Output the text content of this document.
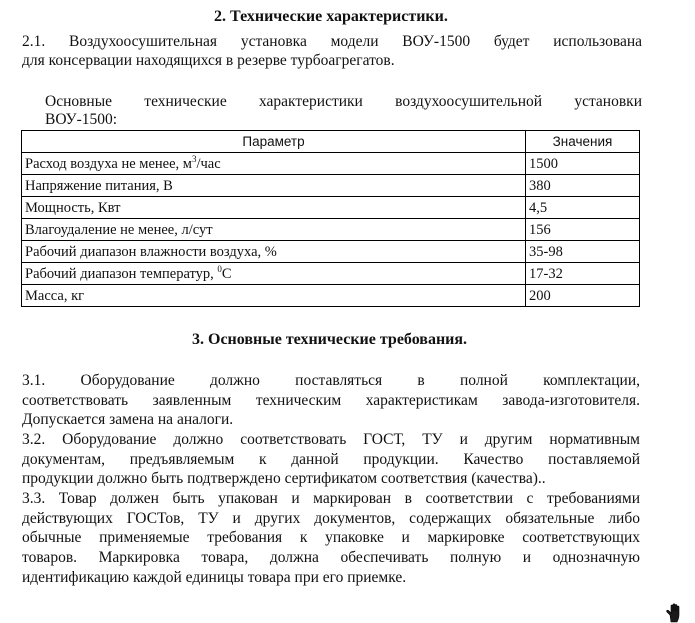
2. Технические характеристики.
2.1. Воздухоосушительная установка модели ВОУ-1500 будет использована
для консервации находящихся в резерве турбоагрегатов.
Основные технические характеристики воздухоосушительной установки
ВОУ-1500:
Параметр	Значения
Расход воздуха не менее, $м^3$/час	1500
Напряжение питания, В	380
Мощность, Квт	4,5
Влагоудаление не менее, л/сут	156
Рабочий диапазон влажности воздуха, %	35-98
Рабочий диапазон температур, $^0$С	17-32
Масса, кг	200
3. Основные технические требования.
3.1. Оборудование должно поставляться в полной комплектации,
соответствовать заявленным техническим характеристикам завода-изготовителя.
Допускается замена на аналоги.
3.2. Оборудование должно соответствовать ГОСТ, ТУ и другим нормативным
документам, предъявляемым к данной продукции. Качество поставляемой
продукции должно быть подтверждено сертификатом соответствия (качества)..
3.3. Товар должен быть упакован и маркирован в соответствии с требованиями
действующих ГОСТов, ТУ и других документов, содержащих обязательные либо
обычные применяемые требования к упаковке и маркировке соответствующих
товаров. Маркировка товара, должна обеспечивать полную и однозначную
идентификацию каждой единицы товара при его приемке.
